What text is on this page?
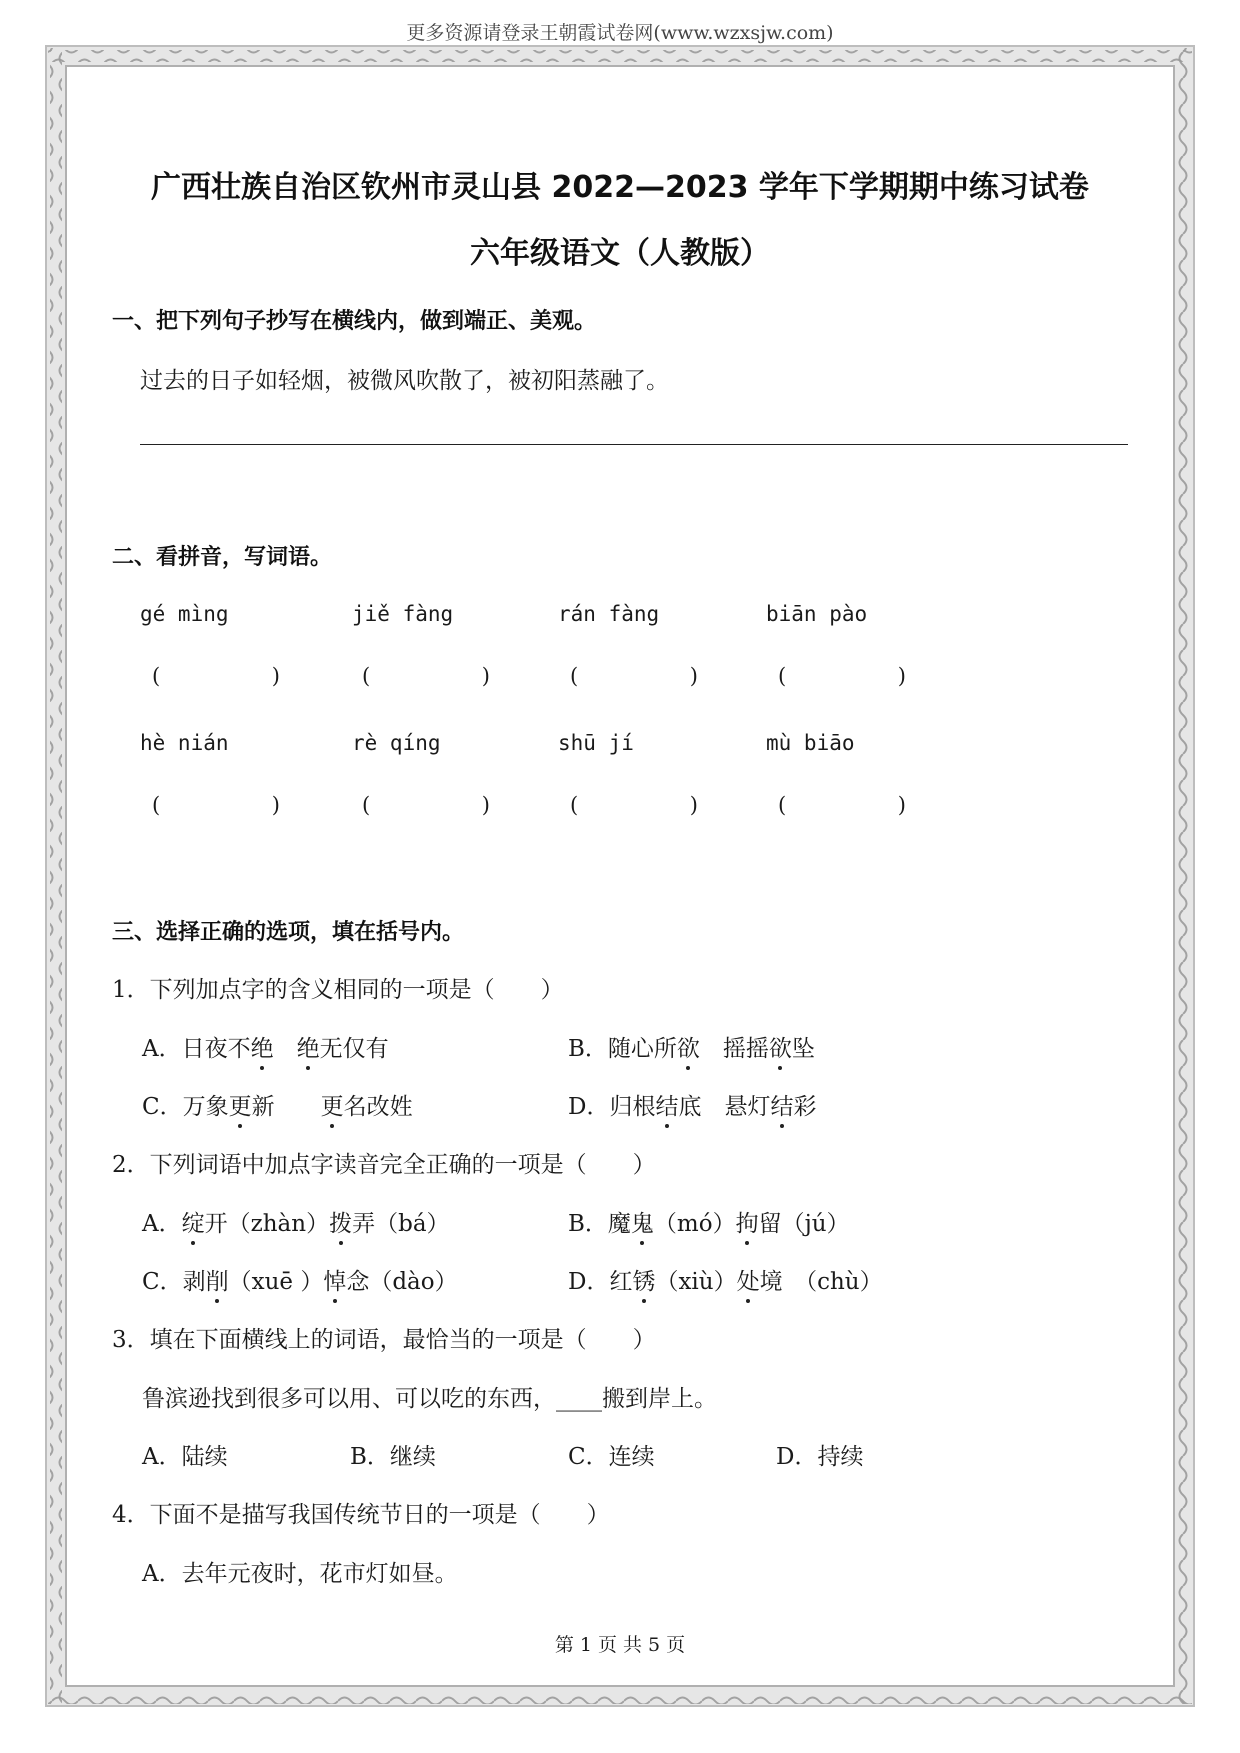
更多资源请登录王朝霞试卷网(www.wzxsjw.com)
广西壮族自治区钦州市灵山县 2022—2023 学年下学期期中练习试卷
六年级语文（人教版）
一、把下列句子抄写在横线内，做到端正、美观。
过去的日子如轻烟，被微风吹散了，被初阳蒸融了。
二、看拼音，写词语。
gé mìng	jiě fàng	rán fàng	biān pào
(	)	(	)	(	)	(	)
hè nián	rè qíng	shū jí	mù biāo
(	)	(	)	(	)	(	)
三、选择正确的选项，填在括号内。
1．下列加点字的含义相同的一项是（　　）
A．日夜不绝　 绝无仅有	B．随心所欲　摇摇欲坠
C．万象更新　　更名改姓	D．归根结底　悬灯结彩
2．下列词语中加点字读音完全正确的一项是（　　）
A．绽开（zhàn）拨弄（bá）	B．魔鬼（mó）拘留（jú）
C．剥削（xuē ）悼念（dào）	D．红锈（xiù）处境　（chù）
3．填在下面横线上的词语，最恰当的一项是（　　）
鲁滨逊找到很多可以用、可以吃的东西，____搬到岸上。
A．陆续	B．继续	C．连续	D．持续
4．下面不是描写我国传统节日的一项是（　　）
A．去年元夜时，花市灯如昼。
第 1 页 共 5 页
